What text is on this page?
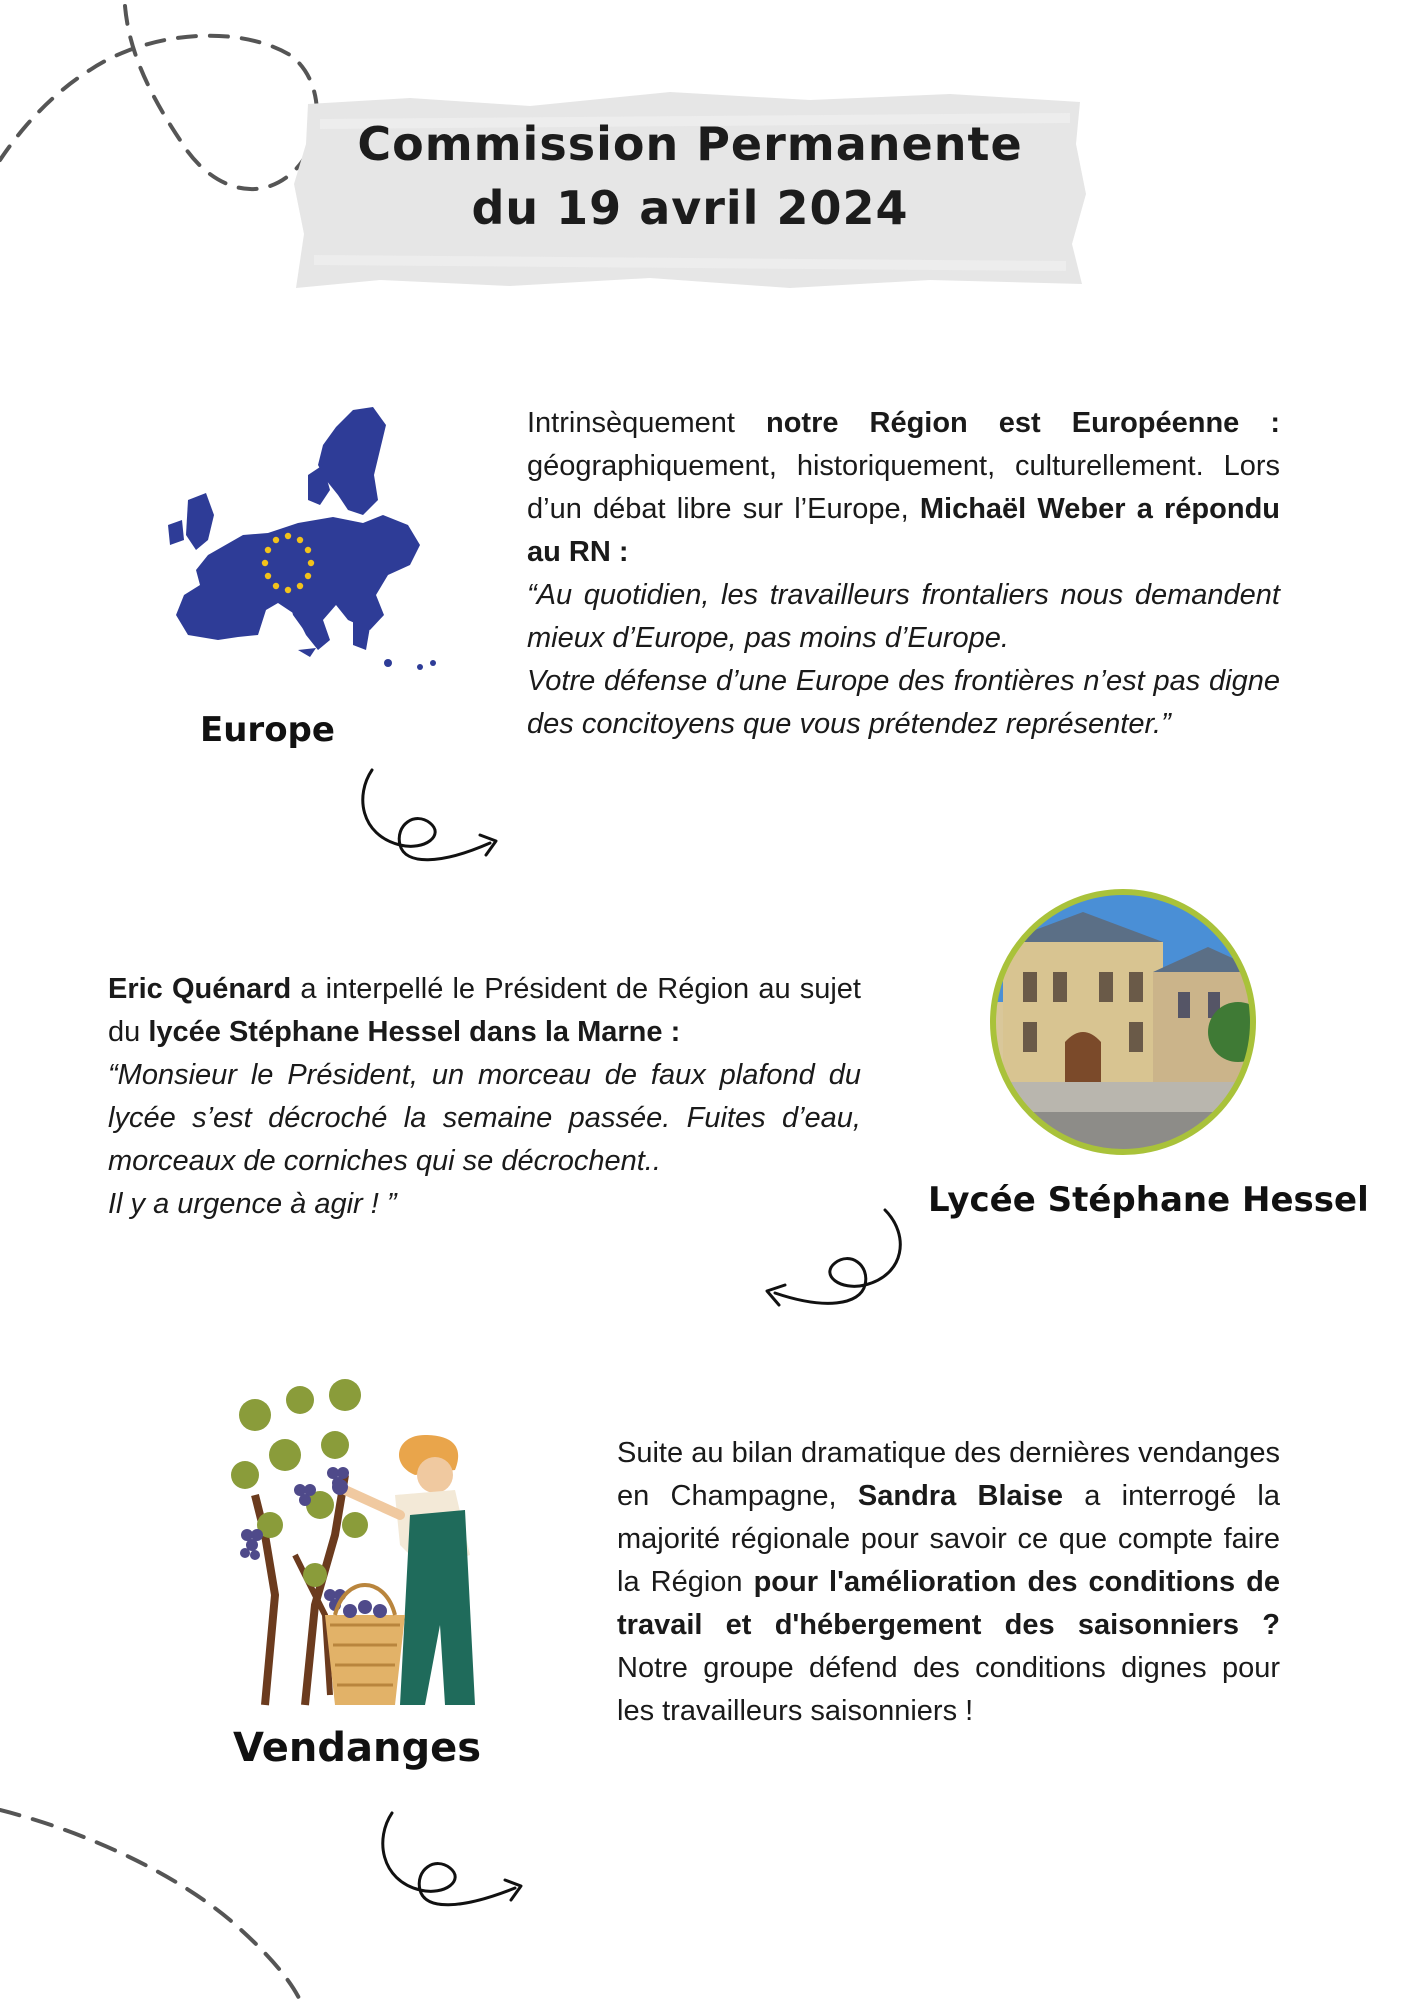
Commission Permanente
du 19 avril 2024
Europe
Intrinsèquement notre Région est Européenne : géographiquement, historiquement, culturellement. Lors d’un débat libre sur l’Europe, Michaël Weber a répondu au RN :
“Au quotidien, les travailleurs frontaliers nous demandent mieux d’Europe, pas moins d’Europe.
Votre défense d’une Europe des frontières n’est pas digne des concitoyens que vous prétendez représenter.”
Eric Quénard a interpellé le Président de Région au sujet du lycée Stéphane Hessel dans la Marne :
“Monsieur le Président, un morceau de faux plafond du lycée s’est décroché la semaine passée. Fuites d’eau, morceaux de corniches qui se décrochent..
Il y a urgence à agir ! ”	Lycée Stéphane Hessel
Vendanges
Suite au bilan dramatique des dernières vendanges en Champagne, Sandra Blaise a interrogé la majorité régionale pour savoir ce que compte faire la Région pour l'amélioration des conditions de travail et d'hébergement des saisonniers ? Notre groupe défend des conditions dignes pour les travailleurs saisonniers !
